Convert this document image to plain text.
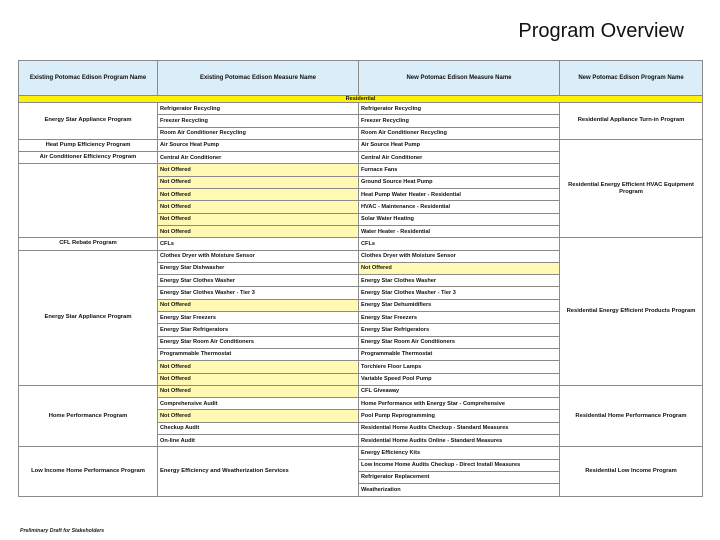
Program Overview
Existing Potomac Edison Program Name	Existing Potomac Edison Measure Name	New Potomac Edison Measure Name	New Potomac Edison Program Name
Residential			
Energy Star Appliance Program	Refrigerator Recycling	Refrigerator Recycling	Residential Appliance Turn-in Program
	Freezer Recycling	Freezer Recycling	
	Room Air Conditioner Recycling	Room Air Conditioner Recycling	
Heat Pump Efficiency Program	Air Source Heat Pump	Air Source Heat Pump	Residential Energy Efficient HVAC Equipment Program
Air Conditioner Efficiency Program	Central Air Conditioner	Central Air Conditioner	
	Not Offered	Furnace Fans	
	Not Offered	Ground Source Heat Pump	
	Not Offered	Heat Pump Water Heater - Residential	
	Not Offered	HVAC - Maintenance - Residential	
	Not Offered	Solar Water Heating	
	Not Offered	Water Heater - Residential	
CFL Rebate Program	CFLs	CFLs	Residential Energy Efficient Products Program
Energy Star Appliance Program	Clothes Dryer with Moisture Sensor	Clothes Dryer with Moisture Sensor	
	Energy Star Dishwasher	Not Offered	
	Energy Star Clothes Washer	Energy Star Clothes Washer	
	Energy Star Clothes Washer - Tier 3	Energy Star Clothes Washer - Tier 3	
	Not Offered	Energy Star Dehumidifiers	
	Energy Star Freezers	Energy Star Freezers	
	Energy Star Refrigerators	Energy Star Refrigerators	
	Energy Star Room Air Conditioners	Energy Star Room Air Conditioners	
	Programmable Thermostat	Programmable Thermostat	
	Not Offered	Torchiere Floor Lamps	
	Not Offered	Variable Speed Pool Pump	
Home Performance Program	Not Offered	CFL Giveaway	Residential Home Performance Program
	Comprehensive Audit	Home Performance with Energy Star - Comprehensive	
	Not Offered	Pool Pump Reprogramming	
	Checkup Audit	Residential Home Audits Checkup - Standard Measures	
	On-line Audit	Residential Home Audits Online - Standard Measures	
Low Income Home Performance Program	Energy Efficiency and Weatherization Services	Energy Efficiency Kits	Residential Low Income Program
		Low Income Home Audits Checkup - Direct Install Measures	
		Refrigerator Replacement	
		Weatherization	
Preliminary Draft for Stakeholders
